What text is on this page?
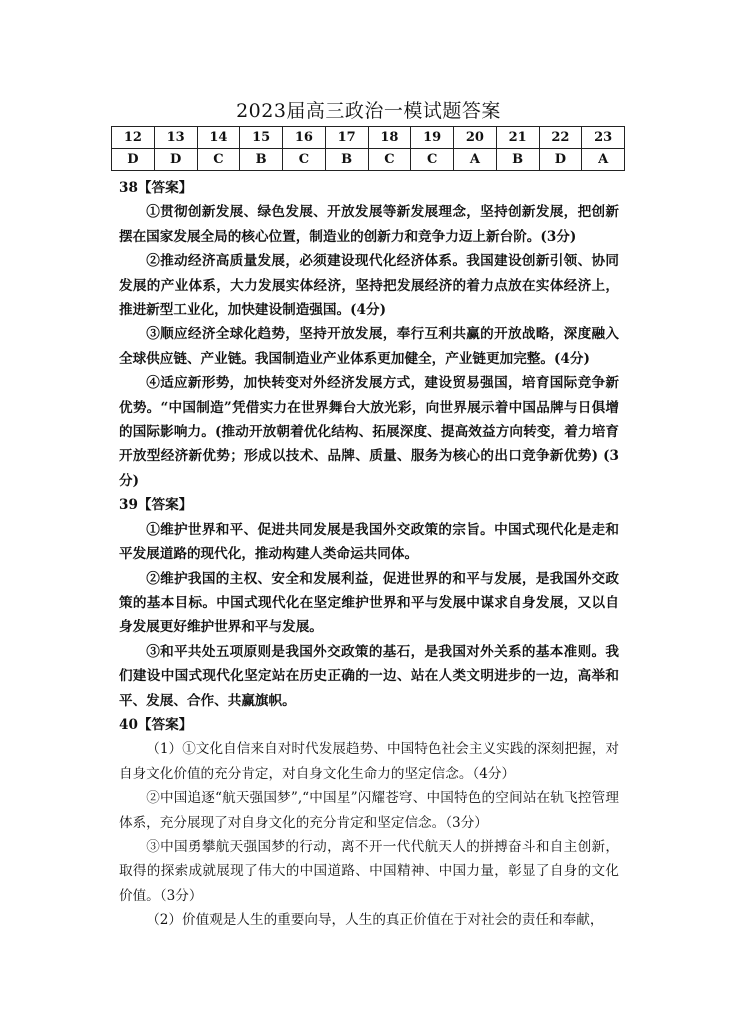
2023届高三政治一模试题答案
12	13	14	15	16	17	18	19	20	21	22	23
D	D	C	B	C	B	C	C	A	B	D	A

38【答案】

①贯彻创新发展、绿色发展、开放发展等新发展理念，坚持创新发展，把创新摆在国家发展全局的核心位置，制造业的创新力和竞争力迈上新台阶。(3分)

②推动经济高质量发展，必须建设现代化经济体系。我国建设创新引领、协同发展的产业体系，大力发展实体经济，坚持把发展经济的着力点放在实体经济上，推进新型工业化，加快建设制造强国。(4分)

③顺应经济全球化趋势，坚持开放发展，奉行互利共赢的开放战略，深度融入全球供应链、产业链。我国制造业产业体系更加健全，产业链更加完整。(4分)

④适应新形势，加快转变对外经济发展方式，建设贸易强国，培育国际竞争新优势。“中国制造”凭借实力在世界舞台大放光彩，向世界展示着中国品牌与日俱增的国际影响力。(推动开放朝着优化结构、拓展深度、提高效益方向转变，着力培育开放型经济新优势；形成以技术、品牌、质量、服务为核心的出口竞争新优势) (3分)

39【答案】

①维护世界和平、促进共同发展是我国外交政策的宗旨。中国式现代化是走和平发展道路的现代化，推动构建人类命运共同体。

②维护我国的主权、安全和发展利益，促进世界的和平与发展，是我国外交政策的基本目标。中国式现代化在坚定维护世界和平与发展中谋求自身发展，又以自身发展更好维护世界和平与发展。

③和平共处五项原则是我国外交政策的基石，是我国对外关系的基本准则。我们建设中国式现代化坚定站在历史正确的一边、站在人类文明进步的一边，高举和平、发展、合作、共赢旗帜。

40【答案】

（1）①文化自信来自对时代发展趋势、中国特色社会主义实践的深刻把握，对自身文化价值的充分肯定，对自身文化生命力的坚定信念。（4分）

②中国追逐“航天强国梦”,“中国星”闪耀苍穹、中国特色的空间站在轨飞控管理体系，充分展现了对自身文化的充分肯定和坚定信念。（3分）

③中国勇攀航天强国梦的行动，离不开一代代航天人的拼搏奋斗和自主创新，取得的探索成就展现了伟大的中国道路、中国精神、中国力量，彰显了自身的文化价值。（3分）

（2）价值观是人生的重要向导，人生的真正价值在于对社会的责任和奉献，
